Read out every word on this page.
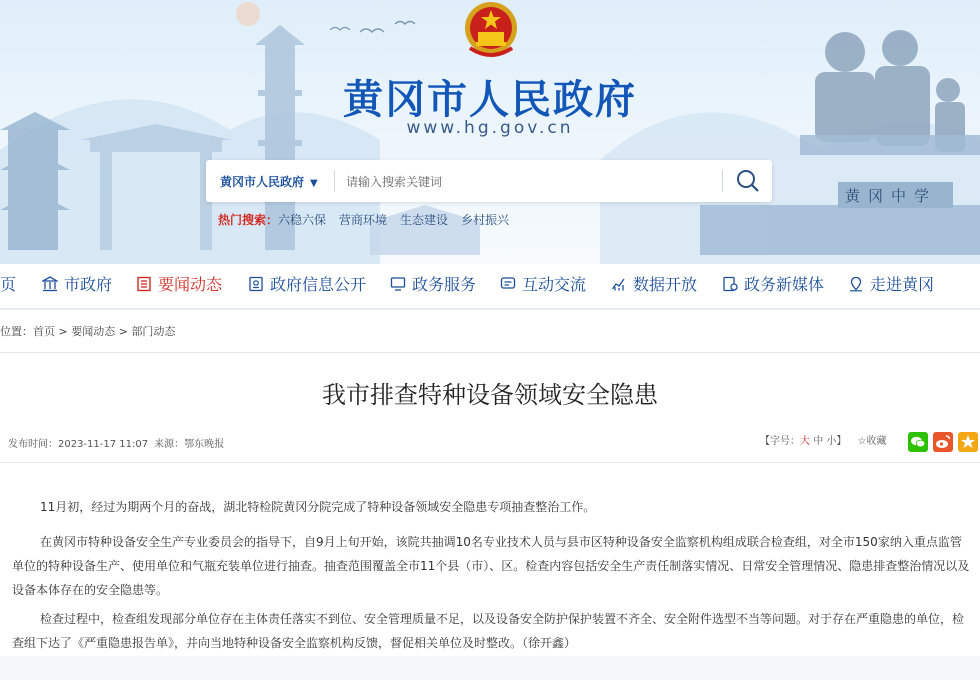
黄冈中学
黄冈市人民政府
www.hg.gov.cn
黄冈市人民政府 ▼
请输入搜索关键词
热门搜索：六稳六保 营商环境 生态建设 乡村振兴
页	市政府	要闻动态	政府信息公开	政务服务	互动交流	数据开放	政务新媒体	走进黄冈
位置：首页 > 要闻动态 > 部门动态
我市排查特种设备领域安全隐患
发布时间：2023-11-17 11:07 来源：鄂东晚报	【字号：大 中 小】 ☆收藏

11月初，经过为期两个月的奋战，湖北特检院黄冈分院完成了特种设备领域安全隐患专项抽查整治工作。

在黄冈市特种设备安全生产专业委员会的指导下，自9月上旬开始，该院共抽调10名专业技术人员与县市区特种设备安全监察机构组成联合检查组，对全市150家纳入重点监管单位的特种设备生产、使用单位和气瓶充装单位进行抽查。抽查范围覆盖全市11个县（市）、区。检查内容包括安全生产责任制落实情况、日常安全管理情况、隐患排查整治情况以及设备本体存在的安全隐患等。

检查过程中，检查组发现部分单位存在主体责任落实不到位、安全管理质量不足，以及设备安全防护保护装置不齐全、安全附件选型不当等问题。对于存在严重隐患的单位，检查组下达了《严重隐患报告单》，并向当地特种设备安全监察机构反馈，督促相关单位及时整改。（徐开鑫）
